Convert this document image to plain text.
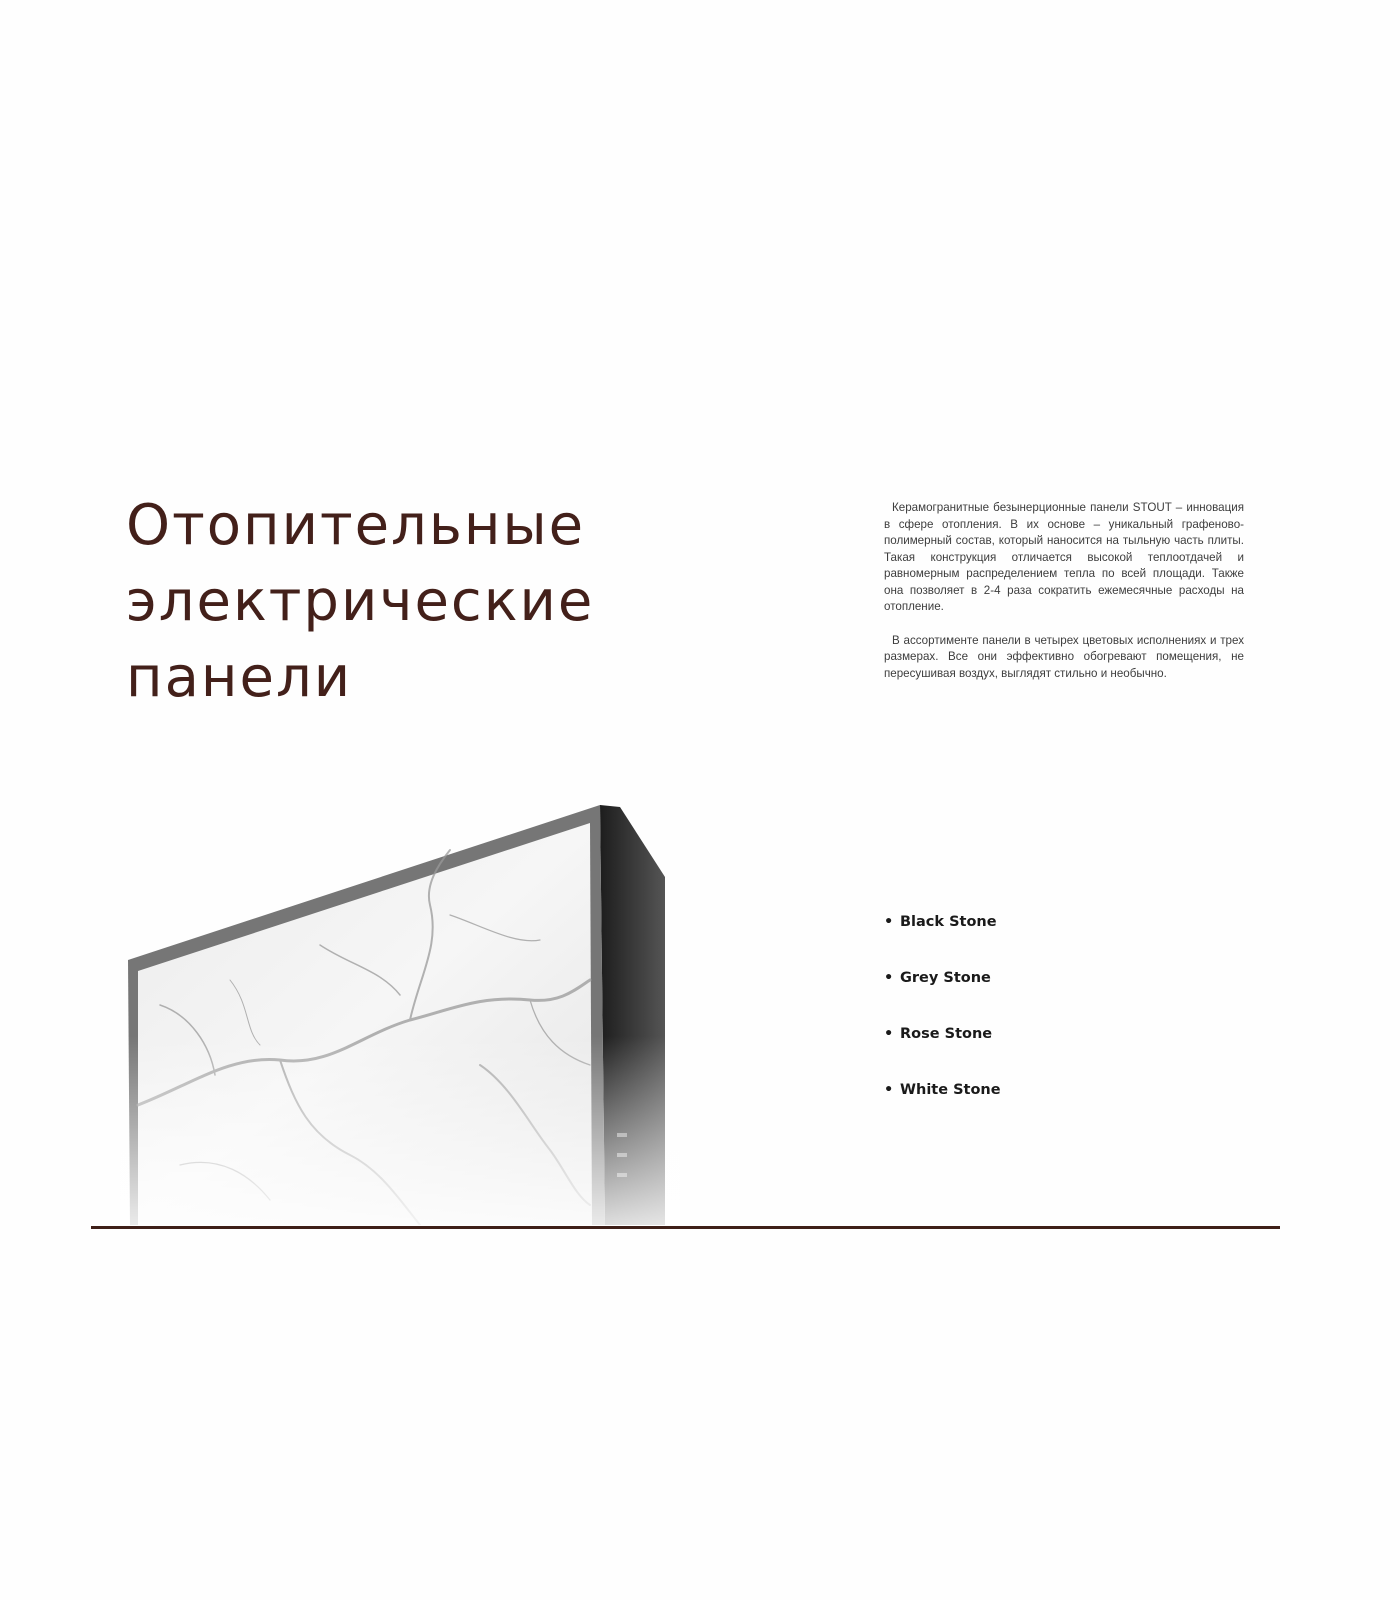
Отопительные
электрические
панели

Керамогранитные безынерционные панели STOUT – инновация в сфере отопления. В их основе – уникальный графеново-полимерный состав, который наносится на тыльную часть плиты. Такая конструкция отличается высокой теплоотдачей и равномерным распределением тепла по всей площади. Также она позволяет в 2-4 раза сократить ежемесячные расходы на отопление.

В ассортименте панели в четырех цветовых исполнениях и трех размерах. Все они эффективно обогревают помещения, не пересушивая воздух, выглядят стильно и необычно.

• Black Stone
• Grey Stone
• Rose Stone
• White Stone
